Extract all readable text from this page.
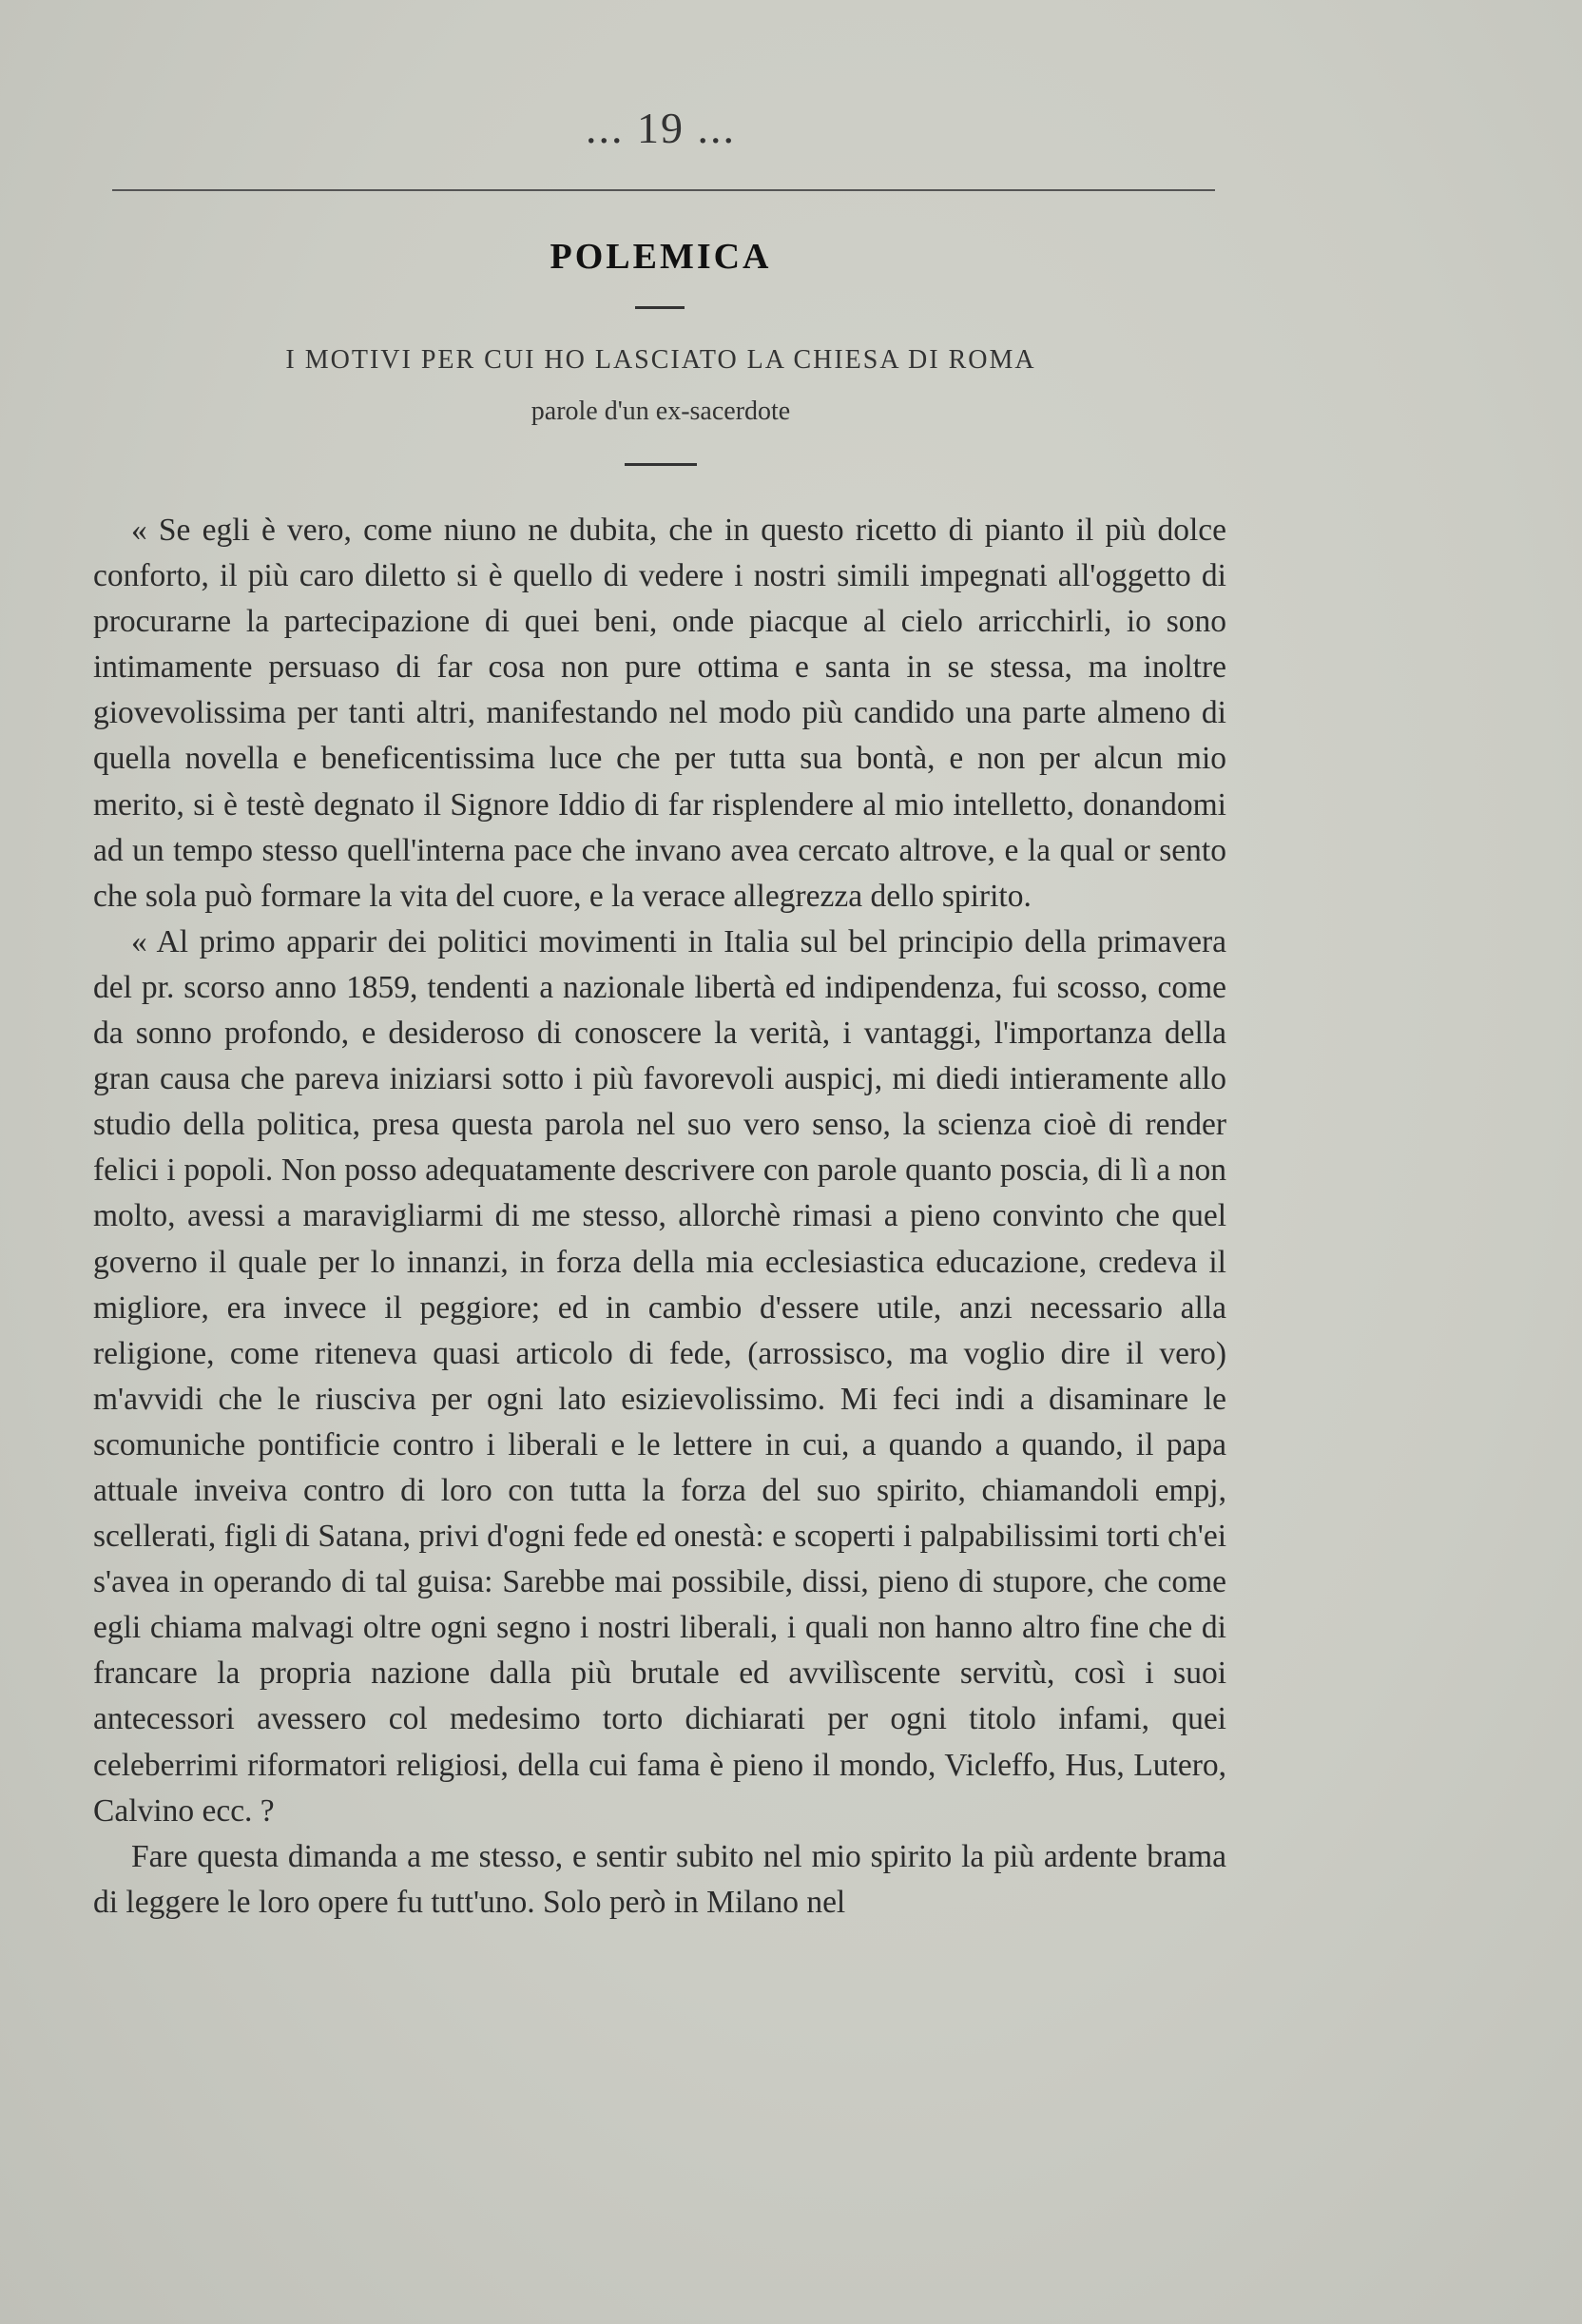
... 19 ...
POLEMICA
I MOTIVI PER CUI HO LASCIATO LA CHIESA DI ROMA
parole d'un ex-sacerdote

« Se egli è vero, come niuno ne dubita, che in questo ricetto di pianto il più dolce conforto, il più caro diletto si è quello di vedere i nostri simili impegnati all'oggetto di procurarne la partecipazione di quei beni, onde piacque al cielo arricchirli, io sono intimamente persuaso di far cosa non pure ottima e santa in se stessa, ma inoltre giovevolissima per tanti altri, manifestando nel modo più candido una parte almeno di quella novella e beneficentissima luce che per tutta sua bontà, e non per alcun mio merito, si è testè degnato il Signore Iddio di far risplendere al mio intelletto, donandomi ad un tempo stesso quell'interna pace che invano avea cercato altrove, e la qual or sento che sola può formare la vita del cuore, e la verace allegrezza dello spirito.

« Al primo apparir dei politici movimenti in Italia sul bel principio della primavera del pr. scorso anno 1859, tendenti a nazionale libertà ed indipendenza, fui scosso, come da sonno profondo, e desideroso di conoscere la verità, i vantaggi, l'importanza della gran causa che pareva iniziarsi sotto i più favorevoli auspicj, mi diedi intieramente allo studio della politica, presa questa parola nel suo vero senso, la scienza cioè di render felici i popoli. Non posso adequatamente descrivere con parole quanto poscia, di lì a non molto, avessi a maravigliarmi di me stesso, allorchè rimasi a pieno convinto che quel governo il quale per lo innanzi, in forza della mia ecclesiastica educazione, credeva il migliore, era invece il peggiore; ed in cambio d'essere utile, anzi necessario alla religione, come riteneva quasi articolo di fede, (arrossisco, ma voglio dire il vero) m'avvidi che le riusciva per ogni lato esizievolissimo. Mi feci indi a disaminare le scomuniche pontificie contro i liberali e le lettere in cui, a quando a quando, il papa attuale inveiva contro di loro con tutta la forza del suo spirito, chiamandoli empj, scellerati, figli di Satana, privi d'ogni fede ed onestà: e scoperti i palpabilissimi torti ch'ei s'avea in operando di tal guisa: Sarebbe mai possibile, dissi, pieno di stupore, che come egli chiama malvagi oltre ogni segno i nostri liberali, i quali non hanno altro fine che di francare la propria nazione dalla più brutale ed avvilìscente servitù, così i suoi antecessori avessero col medesimo torto dichiarati per ogni titolo infami, quei celeberrimi riformatori religiosi, della cui fama è pieno il mondo, Vicleffo, Hus, Lutero, Calvino ecc. ?

Fare questa dimanda a me stesso, e sentir subito nel mio spirito la più ardente brama di leggere le loro opere fu tutt'uno. Solo però in Milano nel
